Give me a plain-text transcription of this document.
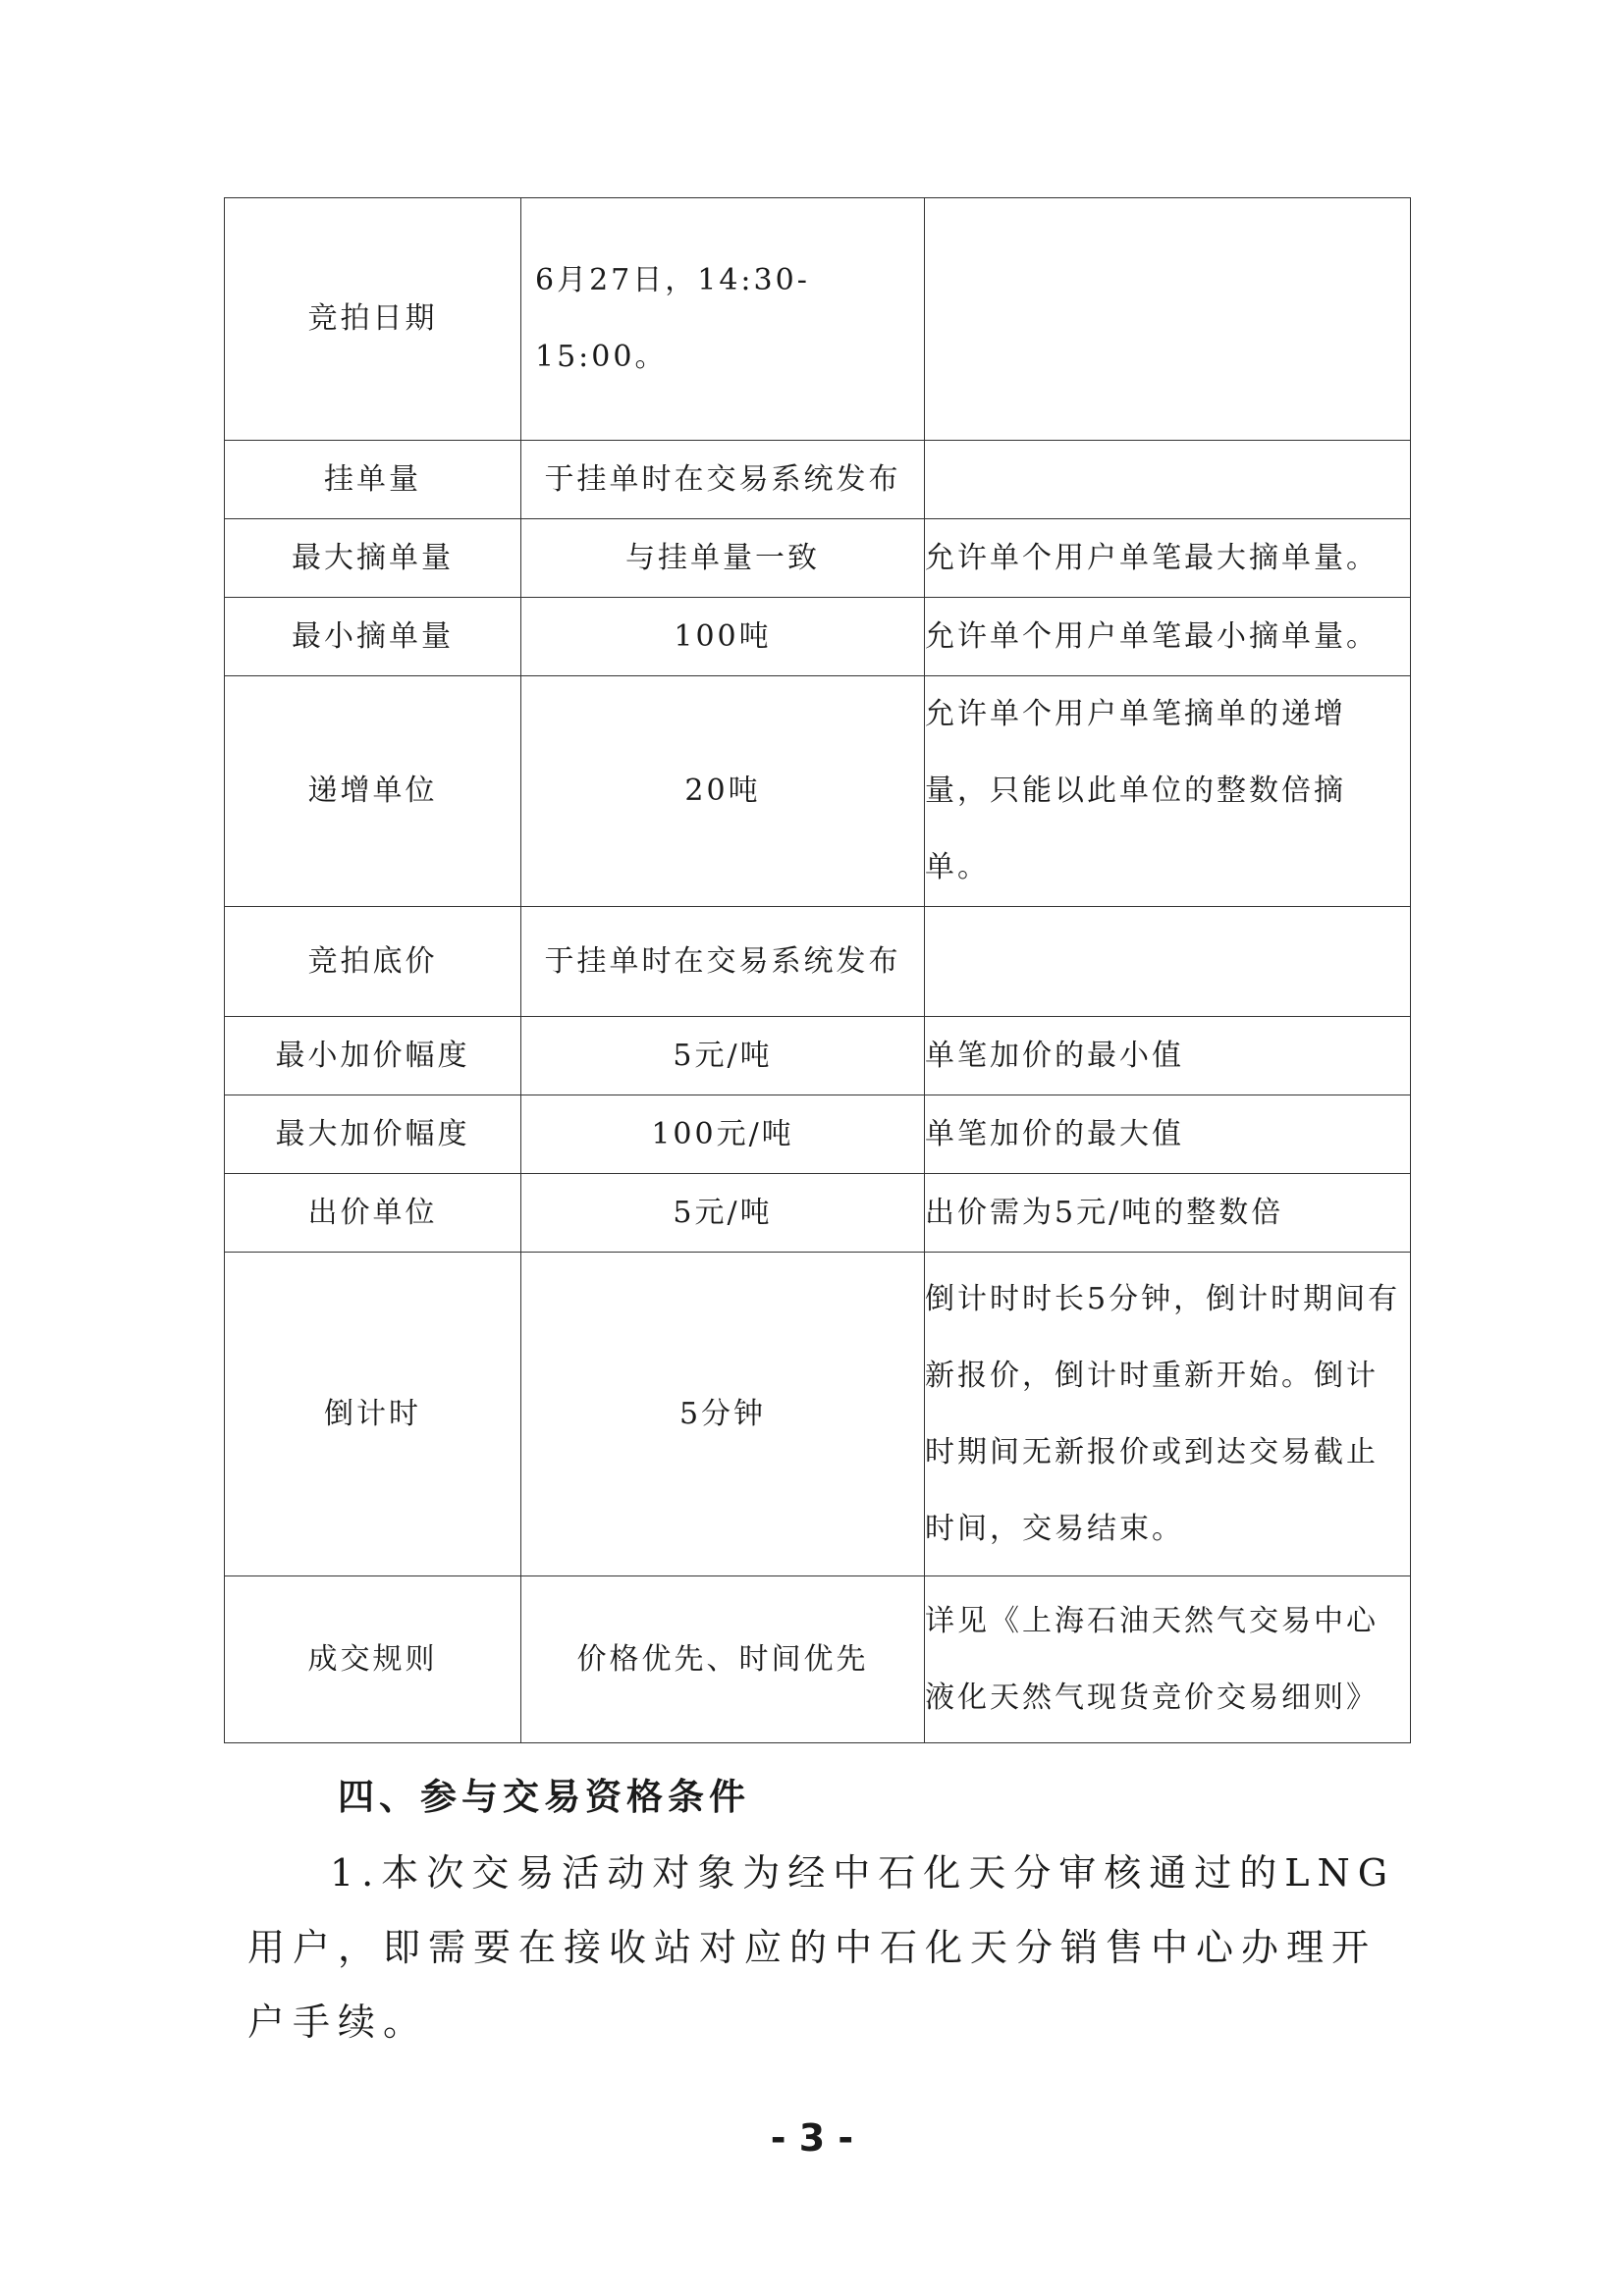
竞拍日期	6月27日，14:30-15:00。	
挂单量	于挂单时在交易系统发布	
最大摘单量	与挂单量一致	允许单个用户单笔最大摘单量。
最小摘单量	100吨	允许单个用户单笔最小摘单量。
递增单位	20吨	允许单个用户单笔摘单的递增量，只能以此单位的整数倍摘单。
竞拍底价	于挂单时在交易系统发布	
最小加价幅度	5元/吨	单笔加价的最小值
最大加价幅度	100元/吨	单笔加价的最大值
出价单位	5元/吨	出价需为5元/吨的整数倍
倒计时	5分钟	倒计时时长5分钟，倒计时期间有新报价，倒计时重新开始。倒计时期间无新报价或到达交易截止时间，交易结束。
成交规则	价格优先、时间优先	详见《上海石油天然气交易中心液化天然气现货竞价交易细则》
四、参与交易资格条件
1.本次交易活动对象为经中石化天分审核通过的LNG用户，即需要在接收站对应的中石化天分销售中心办理开户手续。
- 3 -
